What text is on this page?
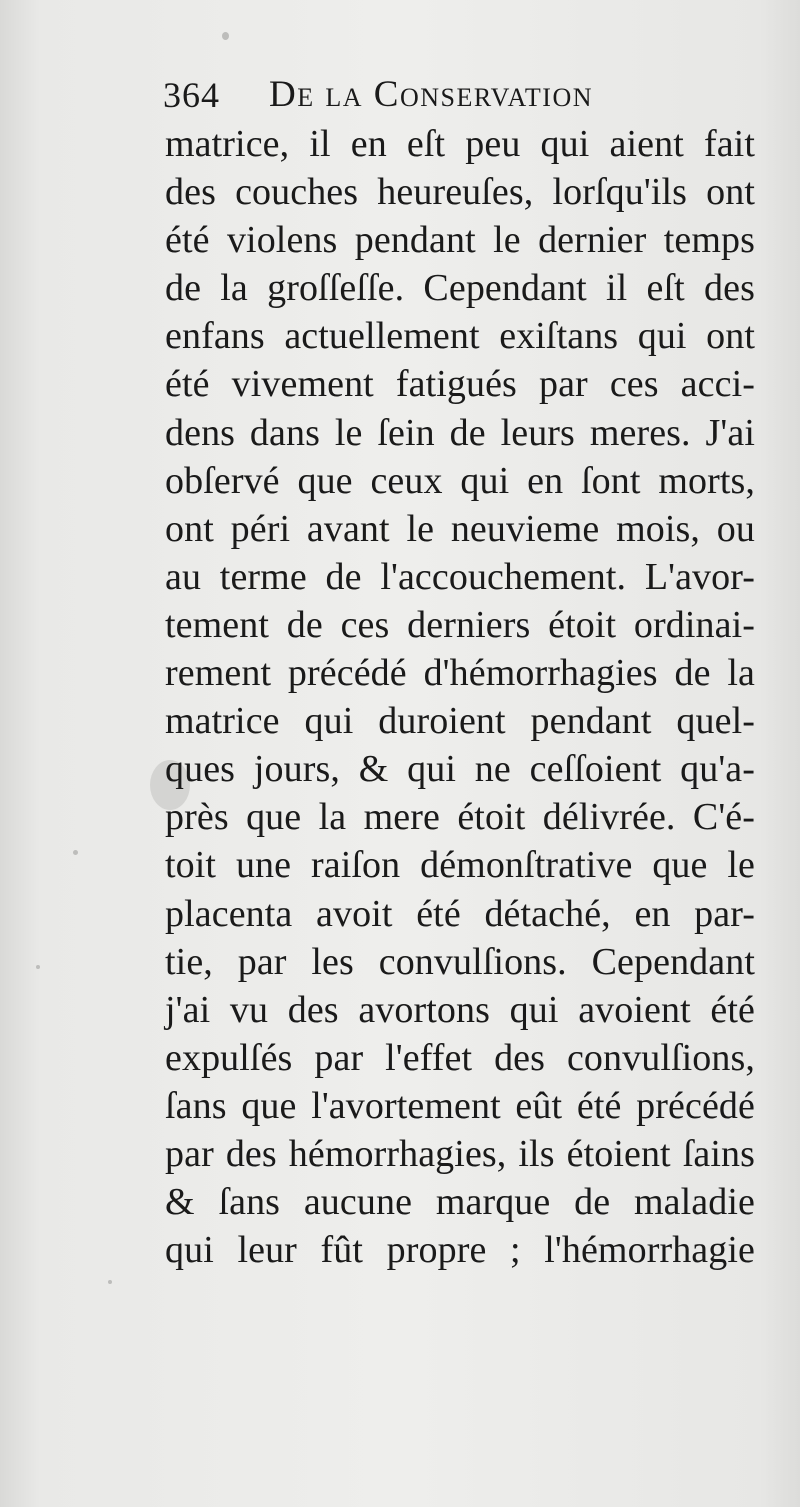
364 De la Conservation
matrice, il en eſt peu qui aient fait
des couches heureuſes, lorſqu'ils ont
été violens pendant le dernier temps
de la groſſeſſe. Cependant il eſt des
enfans actuellement exiſtans qui ont
été vivement fatigués par ces acci-
dens dans le ſein de leurs meres. J'ai
obſervé que ceux qui en ſont morts,
ont péri avant le neuvieme mois, ou
au terme de l'accouchement. L'avor-
tement de ces derniers étoit ordinai-
rement précédé d'hémorrhagies de la
matrice qui duroient pendant quel-
ques jours, & qui ne ceſſoient qu'a-
près que la mere étoit délivrée. C'é-
toit une raiſon démonſtrative que le
placenta avoit été détaché, en par-
tie, par les convulſions. Cependant
j'ai vu des avortons qui avoient été
expulſés par l'effet des convulſions,
ſans que l'avortement eût été précédé
par des hémorrhagies, ils étoient ſains
& ſans aucune marque de maladie
qui leur fût propre ; l'hémorrhagie
